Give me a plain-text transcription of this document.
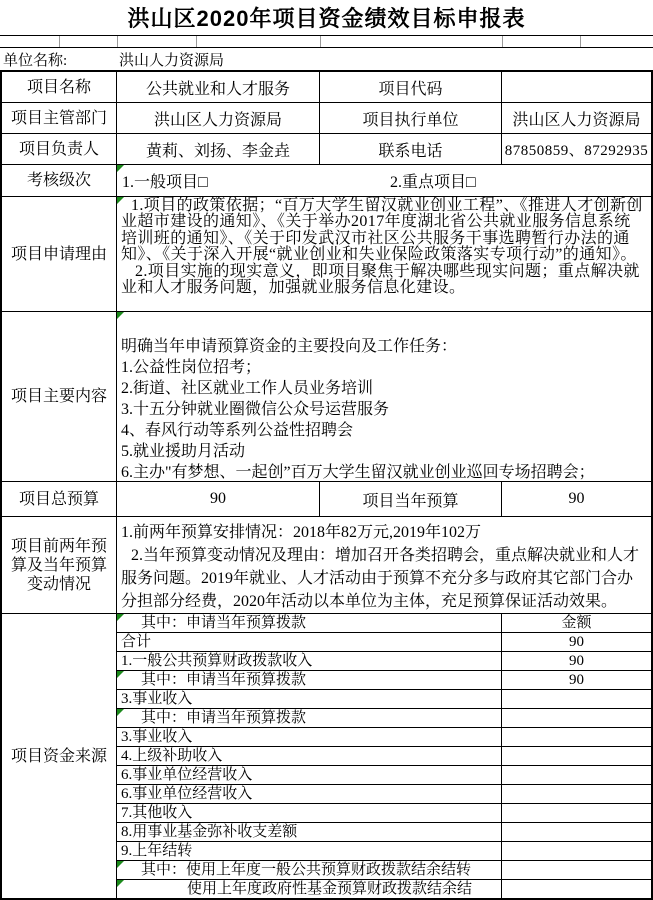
洪山区2020年项目资金绩效目标申报表
单位名称:	洪山人力资源局
项目名称	公共就业和人才服务	项目代码
项目主管部门	洪山区人力资源局	项目执行单位	洪山区人力资源局
项目负责人	黄莉、刘扬、李金垚	联系电话	87850859、87292935
考核级次	1.一般项目□	2.重点项目□
项目申请理由

1.项目的政策依据；“百万大学生留汉就业创业工程”、《推进人才创新创业超市建设的通知》、《关于举办2017年度湖北省公共就业服务信息系统培训班的通知》、《关于印发武汉市社区公共服务干事选聘暂行办法的通知》、《关于深入开展“就业创业和失业保险政策落实专项行动”的通知》。

2.项目实施的现实意义，即项目聚焦于解决哪些现实问题；重点解决就业和人才服务问题，加强就业服务信息化建设。

项目主要内容
明确当年申请预算资金的主要投向及工作任务：
1.公益性岗位招考；
2.街道、社区就业工作人员业务培训
3.十五分钟就业圈微信公众号运营服务
4、春风行动等系列公益性招聘会
5.就业援助月活动
6.主办"有梦想、一起创”百万大学生留汉就业创业巡回专场招聘会；
项目总预算	90	项目当年预算	90
项目前两年预算及当年预算变动情况

1.前两年预算安排情况：2018年82万元,2019年102万

2.当年预算变动情况及理由：增加召开各类招聘会，重点解决就业和人才服务问题。2019年就业、人才活动由于预算不充分多与政府其它部门合办分担部分经费，2020年活动以本单位为主体，充足预算保证活动效果。

项目资金来源
其中：申请当年预算拨款	金额
合计	90
1.一般公共预算财政拨款收入	90
其中：申请当年预算拨款	90
3.事业收入
其中：申请当年预算拨款
3.事业收入
4.上级补助收入
6.事业单位经营收入
6.事业单位经营收入
7.其他收入
8.用事业基金弥补收支差额
9.上年结转
其中：使用上年度一般公共预算财政拨款结余结转
使用上年度政府性基金预算财政拨款结余结
